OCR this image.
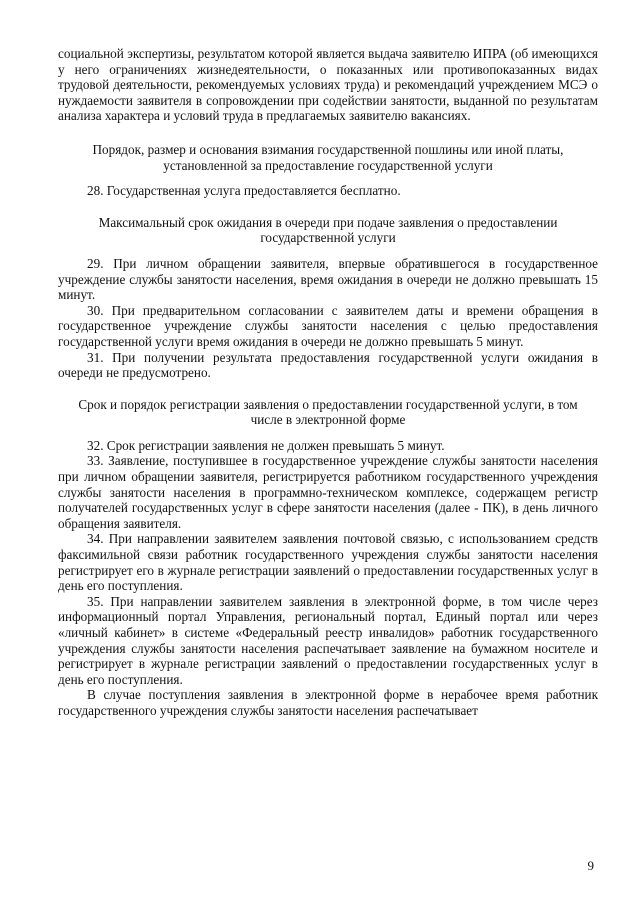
социальной экспертизы, результатом которой является выдача заявителю ИПРА (об имеющихся у него ограничениях жизнедеятельности, о показанных или противопоказанных видах трудовой деятельности, рекомендуемых условиях труда) и рекомендаций учреждением МСЭ о нуждаемости заявителя в сопровождении при содействии занятости, выданной по результатам анализа характера и условий труда в предлагаемых заявителю вакансиях.

Порядок, размер и основания взимания государственной пошлины или иной платы, установленной за предоставление государственной услуги

28. Государственная услуга предоставляется бесплатно.

Максимальный срок ожидания в очереди при подаче заявления о предоставлении государственной услуги

29. При личном обращении заявителя, впервые обратившегося в государственное учреждение службы занятости населения, время ожидания в очереди не должно превышать 15 минут.

30. При предварительном согласовании с заявителем даты и времени обращения в государственное учреждение службы занятости населения с целью предоставления государственной услуги время ожидания в очереди не должно превышать 5 минут.

31. При получении результата предоставления государственной услуги ожидания в очереди не предусмотрено.

Срок и порядок регистрации заявления о предоставлении государственной услуги, в том числе в электронной форме

32. Срок регистрации заявления не должен превышать 5 минут.

33. Заявление, поступившее в государственное учреждение службы занятости населения при личном обращении заявителя, регистрируется работником государственного учреждения службы занятости населения в программно-техническом комплексе, содержащем регистр получателей государственных услуг в сфере занятости населения (далее - ПК), в день личного обращения заявителя.

34. При направлении заявителем заявления почтовой связью, с использованием средств факсимильной связи работник государственного учреждения службы занятости населения регистрирует его в журнале регистрации заявлений о предоставлении государственных услуг в день его поступления.

35. При направлении заявителем заявления в электронной форме, в том числе через информационный портал Управления, региональный портал, Единый портал или через «личный кабинет» в системе «Федеральный реестр инвалидов» работник государственного учреждения службы занятости населения распечатывает заявление на бумажном носителе и регистрирует в журнале регистрации заявлений о предоставлении государственных услуг в день его поступления.

В случае поступления заявления в электронной форме в нерабочее время работник государственного учреждения службы занятости населения распечатывает

9
